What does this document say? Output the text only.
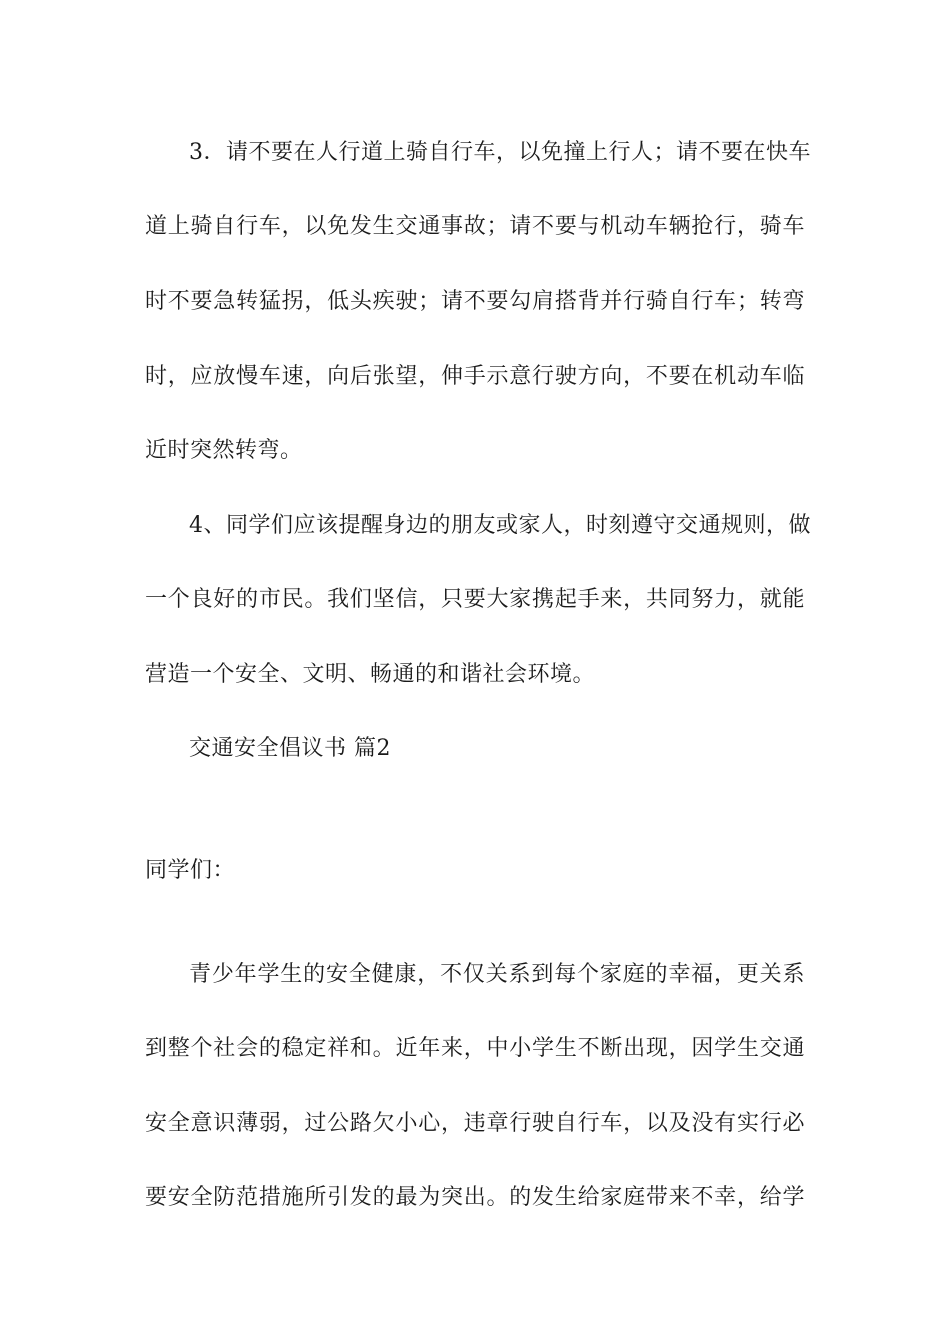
3．请不要在人行道上骑自行车，以免撞上行人；请不要在快车
道上骑自行车，以免发生交通事故；请不要与机动车辆抢行，骑车
时不要急转猛拐，低头疾驶；请不要勾肩搭背并行骑自行车；转弯
时，应放慢车速，向后张望，伸手示意行驶方向，不要在机动车临
近时突然转弯。
4、同学们应该提醒身边的朋友或家人，时刻遵守交通规则，做
一个良好的市民。我们坚信，只要大家携起手来，共同努力，就能
营造一个安全、文明、畅通的和谐社会环境。
交通安全倡议书 篇2
同学们：
青少年学生的安全健康，不仅关系到每个家庭的幸福，更关系
到整个社会的稳定祥和。近年来，中小学生不断出现，因学生交通
安全意识薄弱，过公路欠小心，违章行驶自行车，以及没有实行必
要安全防范措施所引发的最为突出。的发生给家庭带来不幸，给学
